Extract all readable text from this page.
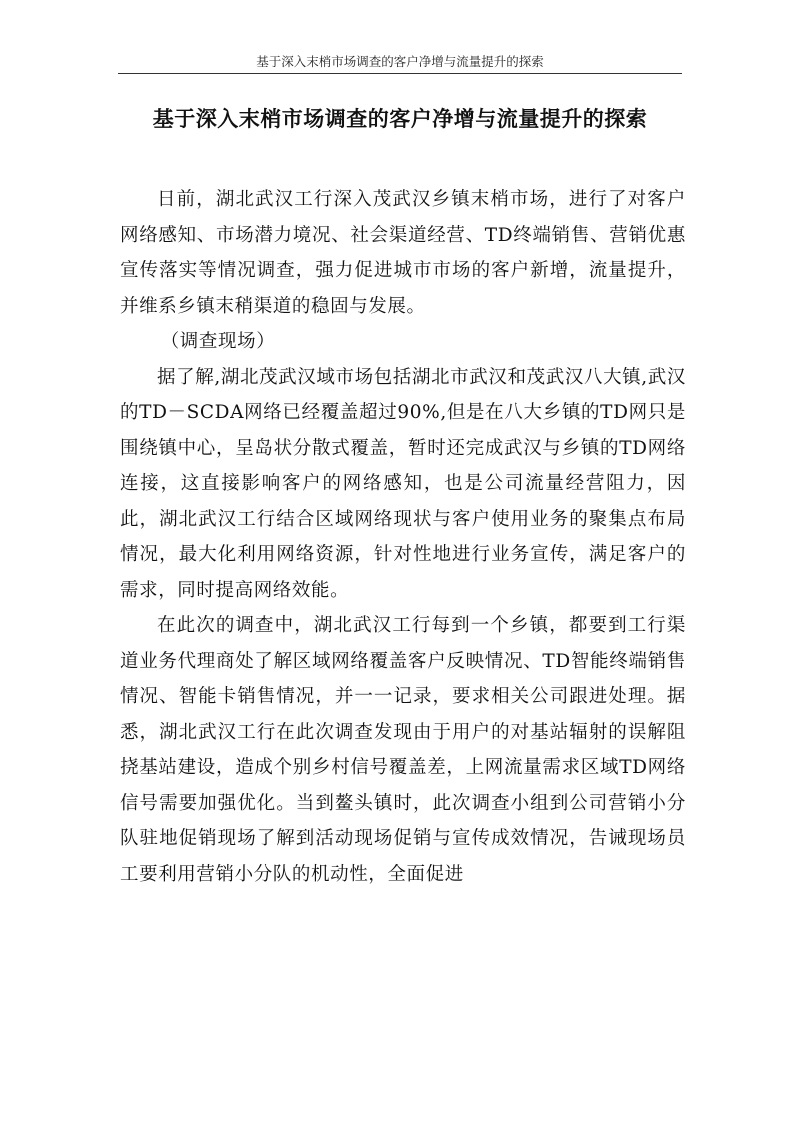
基于深入末梢市场调查的客户净增与流量提升的探索
基于深入末梢市场调查的客户净增与流量提升的探索

日前，湖北武汉工行深入茂武汉乡镇末梢市场，进行了对客户网络感知、市场潜力境况、社会渠道经营、TD终端销售、营销优惠宣传落实等情况调查，强力促进城市市场的客户新增，流量提升，并维系乡镇末稍渠道的稳固与发展。

（调查现场）

据了解,湖北茂武汉域市场包括湖北市武汉和茂武汉八大镇,武汉的TD－SCDA网络已经覆盖超过90%,但是在八大乡镇的TD网只是围绕镇中心，呈岛状分散式覆盖，暂时还完成武汉与乡镇的TD网络连接，这直接影响客户的网络感知，也是公司流量经营阻力，因此，湖北武汉工行结合区域网络现状与客户使用业务的聚集点布局情况，最大化利用网络资源，针对性地进行业务宣传，满足客户的需求，同时提高网络效能。

在此次的调查中，湖北武汉工行每到一个乡镇，都要到工行渠道业务代理商处了解区域网络覆盖客户反映情况、TD智能终端销售情况、智能卡销售情况，并一一记录，要求相关公司跟进处理。据悉，湖北武汉工行在此次调查发现由于用户的对基站辐射的误解阻挠基站建设，造成个别乡村信号覆盖差，上网流量需求区域TD网络信号需要加强优化。当到鳌头镇时，此次调查小组到公司营销小分队驻地促销现场了解到活动现场促销与宣传成效情况，告诫现场员工要利用营销小分队的机动性，全面促进
